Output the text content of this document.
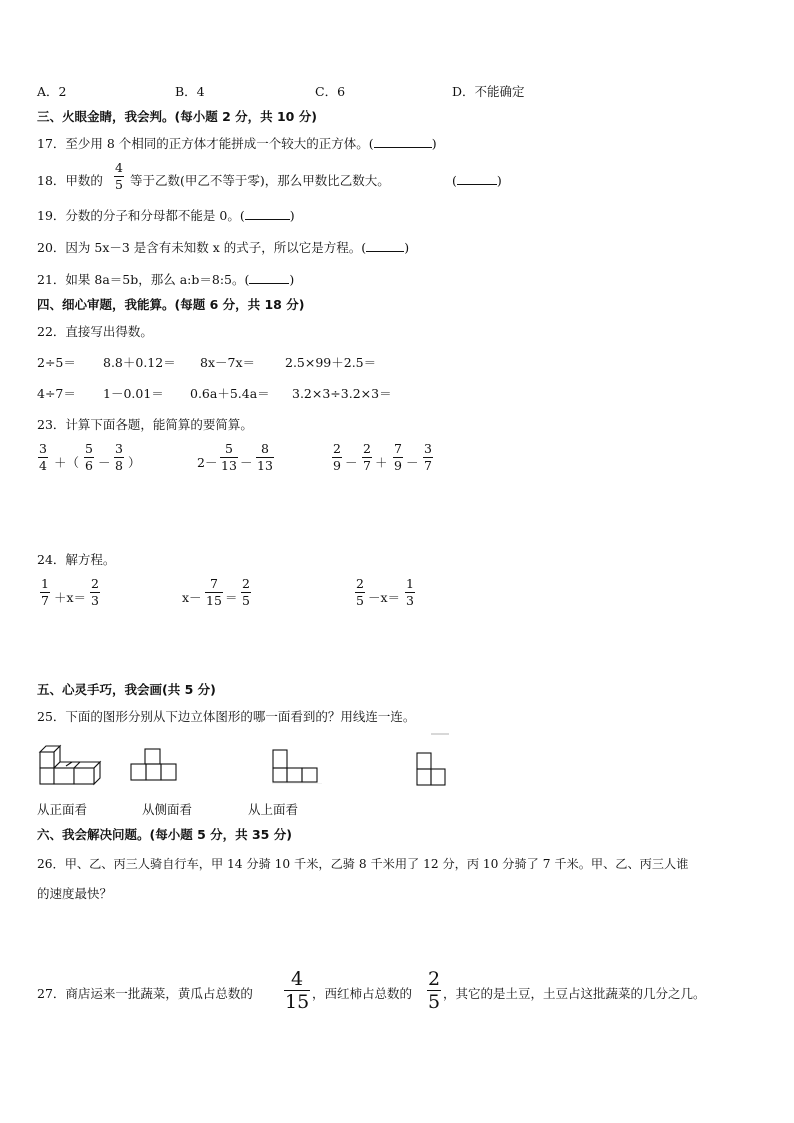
A．2	B．4	C．6	D．不能确定
三、火眼金睛，我会判。(每小题 2 分，共 10 分)
17．至少用 8 个相同的正方体才能拼成一个较大的正方体。(	)
18．甲数的
4
5 等于乙数(甲乙不等于零)，那么甲数比乙数大。	(	)
19．分数的分子和分母都不能是 0。(	)
20．因为 5x－3 是含有未知数 x 的式子，所以它是方程。(	)
21．如果 8a＝5b，那么 a:b＝8:5。(	)
四、细心审题，我能算。(每题 6 分，共 18 分)
22．直接写出得数。
2÷5＝ 8.8＋0.12＝ 8x－7x＝ 2.5×99＋2.5＝
4÷7＝ 1－0.01＝ 0.6a＋5.4a＝ 3.2×3÷3.2×3＝
23．计算下面各题，能简算的要简算。
3
4 ＋（
5
6 －
3
8 ）	2－
5
13 －
8
13
2
9 －
2
7 ＋
7
9 －
3
7
24．解方程。
1
7 ＋x＝
2
3	x－
7
15 ＝
2
5
2
5 －x＝
1
3
五、心灵手巧，我会画(共 5 分)
25．下面的图形分别从下边立体图形的哪一面看到的？用线连一连。
从正面看	从侧面看	从上面看
六、我会解决问题。(每小题 5 分，共 35 分)
26．甲、乙、丙三人骑自行车，甲 14 分骑 10 千米，乙骑 8 千米用了 12 分，丙 10 分骑了 7 千米。甲、乙、丙三人谁
的速度最快？
27．商店运来一批蔬菜，黄瓜占总数的
4
15 ，西红柿占总数的
2
5 ，其它的是土豆，土豆占这批蔬菜的几分之几。
